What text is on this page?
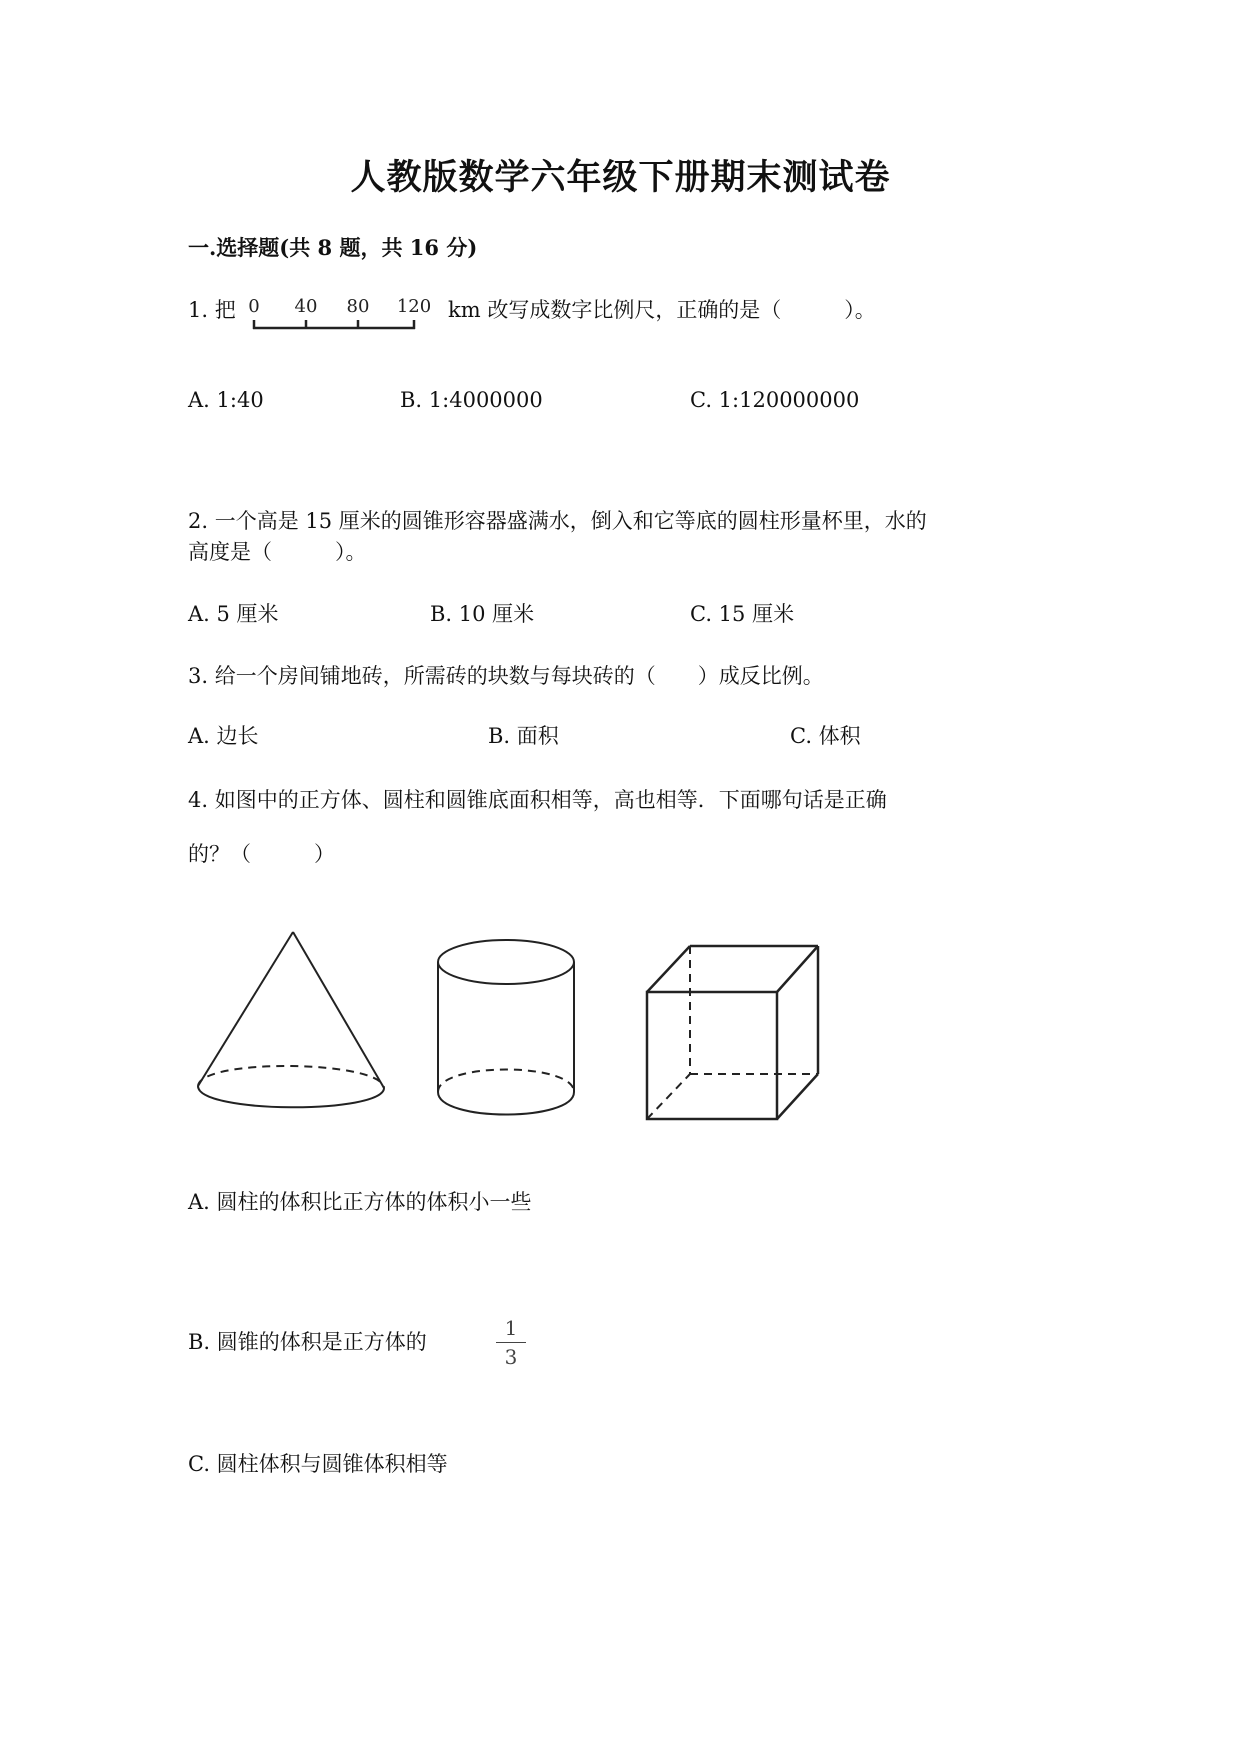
人教版数学六年级下册期末测试卷
一.选择题(共 8 题，共 16 分)
1. 把 0 40 80 120 km 改写成数字比例尺，正确的是（　　　）。
A. 1:40	B. 1:4000000	C. 1:120000000
2. 一个高是 15 厘米的圆锥形容器盛满水，倒入和它等底的圆柱形量杯里，水的
高度是（　　　）。
A. 5 厘米	B. 10 厘米	C. 15 厘米
3. 给一个房间铺地砖，所需砖的块数与每块砖的（　　）成反比例。
A. 边长	B. 面积	C. 体积
4. 如图中的正方体、圆柱和圆锥底面积相等，高也相等．下面哪句话是正确
的？（　　　）
A. 圆柱的体积比正方体的体积小一些
B. 圆锥的体积是正方体的
1
3
C. 圆柱体积与圆锥体积相等
